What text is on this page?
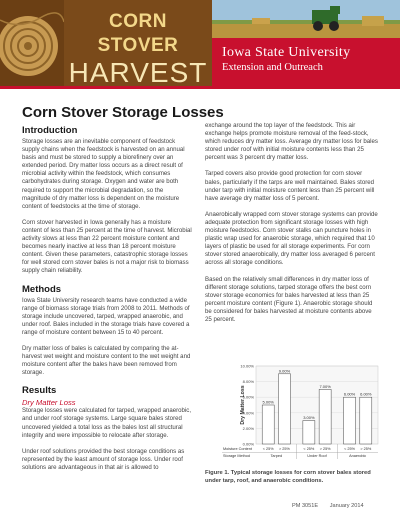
CORN STOVER
HARVEST
Iowa State University
Extension and Outreach
Corn Stover Storage Losses
Introduction

Storage losses are an inevitable component of feedstock supply chains when the feedstock is harvested on an annual basis and must be stored to supply a biorefinery over an extended period. Dry matter loss occurs as a direct result of microbial activity within the feedstock, which consumes carbohydrates during storage. Oxygen and water are both required to support the microbial degradation, so the magnitude of dry matter loss is dependent on the moisture content of feedstocks at the time of storage.

Corn stover harvested in Iowa generally has a moisture content of less than 25 percent at the time of harvest. Microbial activity slows at less than 22 percent moisture content and becomes nearly inactive at less than 18 percent moisture content. Given these parameters, catastrophic storage losses for well stored corn stover bales is not a major risk to biomass supply chain reliability.

Methods

Iowa State University research teams have conducted a wide range of biomass storage trials from 2008 to 2011. Methods of storage include uncovered, tarped, wrapped anaerobic, and under roof. Bales included in the storage trials have covered a range of moisture content between 15 to 40 percent.

Dry matter loss of bales is calculated by comparing the at-harvest wet weight and moisture content to the wet weight and moisture content after the bales have been removed from storage.

Results
Dry Matter Loss

Storage losses were calculated for tarped, wrapped anaerobic, and under roof storage systems. Large square bales stored uncovered yielded a total loss as the bales lost all structural integrity and were impossible to relocate after storage.

Under roof solutions provided the best storage conditions as represented by the least amount of storage loss. Under roof solutions are advantageous in that air is allowed to

exchange around the top layer of the feedstock. This air exchange helps promote moisture removal of the feed-stock, which reduces dry matter loss. Average dry matter loss for bales stored under roof with initial moisture contents less than 25 percent was 3 percent dry matter loss.

Tarped covers also provide good protection for corn stover bales, particularly if the tarps are well maintained. Bales stored under tarp with initial moisture content less than 25 percent will have average dry matter loss of 5 percent.

Anaerobically wrapped corn stover storage systems can provide adequate protection from significant storage losses with high moisture feedstocks. Corn stover stalks can puncture holes in plastic wrap used for anaerobic storage, which required that 10 layers of plastic be used for all storage experiments. For corn stover stored anaerobically, dry matter loss averaged 6 percent across all storage conditions.

Based on the relatively small differences in dry matter loss of different storage solutions, tarped storage offers the best corn stover storage economics for bales harvested at less than 25 percent moisture content (Figure 1). Anaerobic storage should be considered for bales harvested at moisture contents above 25 percent.

0.00%
2.00%
4.00%
6.00%
8.00%
10.00%
Dry Matter Loss	5.00%
< 25%
9.00%
> 25%
Tarped
3.00%
< 25%
7.00%
> 25%
Under Roof
6.00%
< 25%
6.00%
> 25%
Anaerobic
Moisture Content
Storage Method
Figure 1. Typical storage losses for corn stover bales stored under tarp, roof, and anaerobic conditions.
PM 3051E January 2014
